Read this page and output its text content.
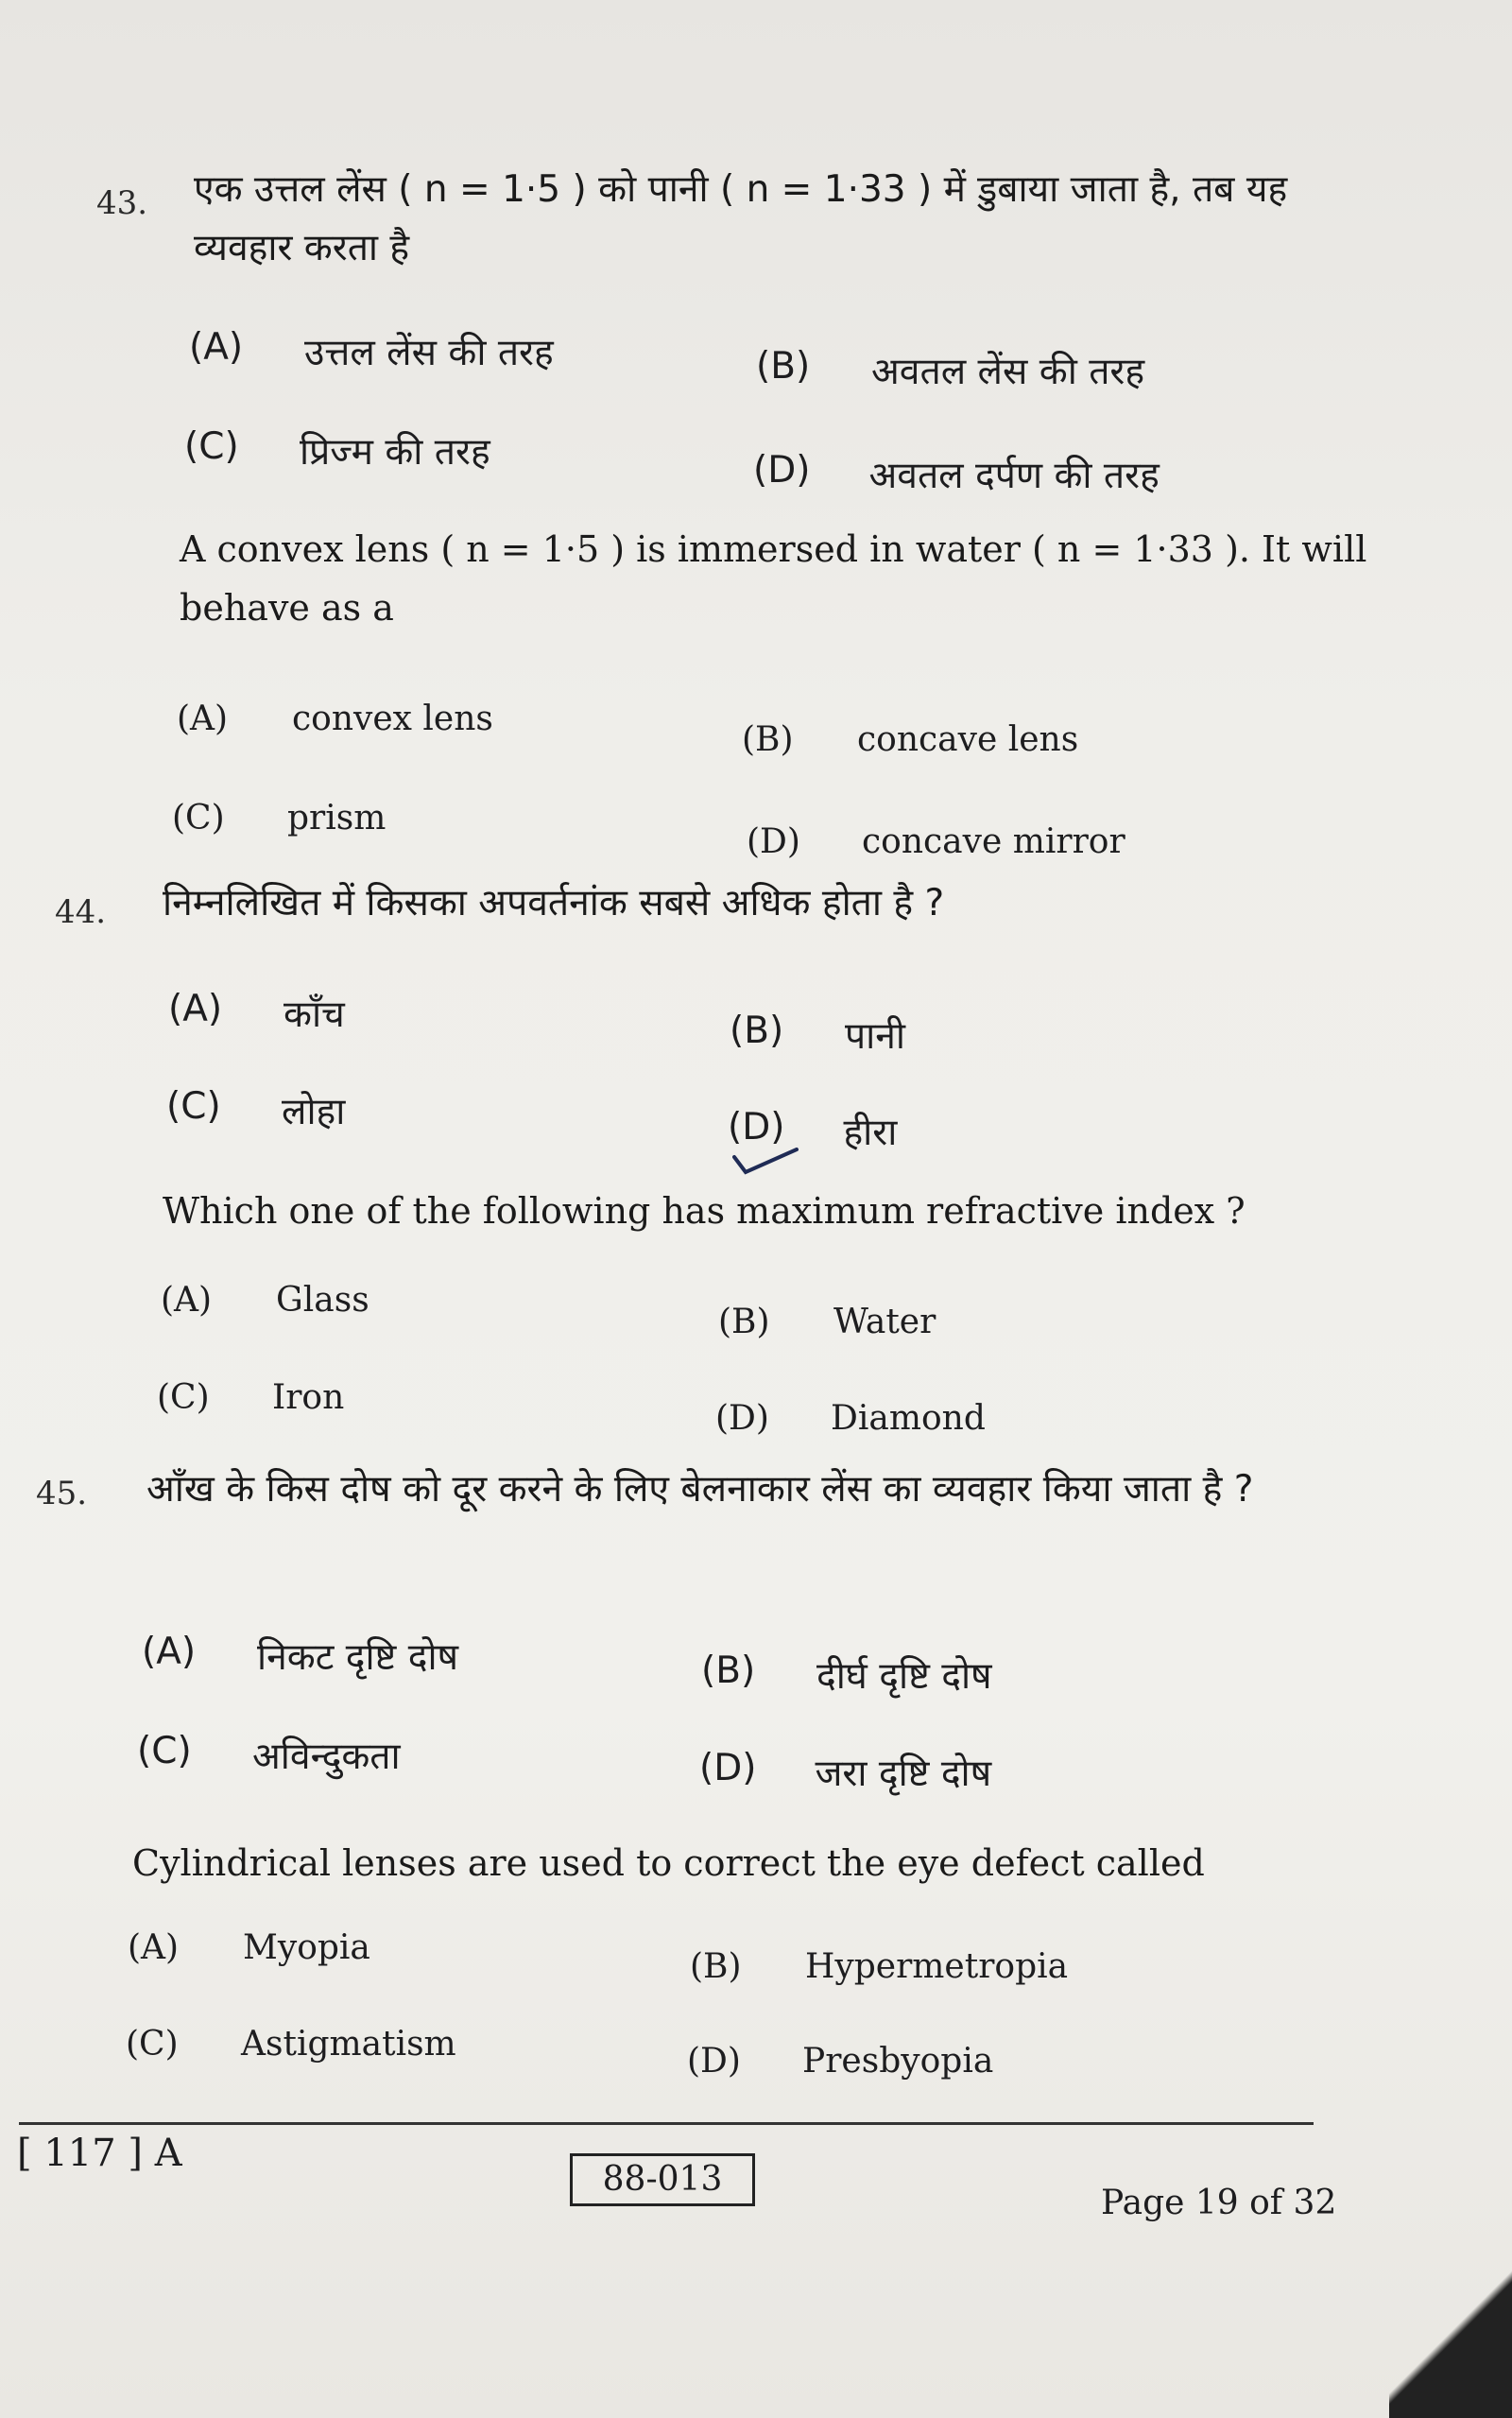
43. एक उत्तल लेंस ( n = 1·5 ) को पानी ( n = 1·33 ) में डुबाया जाता है, तब यह व्यवहार करता है
(A) उत्तल लेंस की तरह	(B) अवतल लेंस की तरह
(C) प्रिज्म की तरह	(D) अवतल दर्पण की तरह
A convex lens ( n = 1·5 ) is immersed in water ( n = 1·33 ). It will behave as a
(A) convex lens
(B) concave lens
(C) prism
(D) concave mirror
44. निम्नलिखित में किसका अपवर्तनांक सबसे अधिक होता है ?
(A) काँच	(B) पानी
(C) लोहा	(D) हीरा
Which one of the following has maximum refractive index ?
(A) Glass
(B) Water
(C) Iron
(D) Diamond
45. आँख के किस दोष को दूर करने के लिए बेलनाकार लेंस का व्यवहार किया जाता है ?
(A) निकट दृष्टि दोष	(B) दीर्घ दृष्टि दोष
(C) अविन्दुकता	(D) जरा दृष्टि दोष
Cylindrical lenses are used to correct the eye defect called
(A) Myopia	(B) Hypermetropia
(C) Astigmatism	(D) Presbyopia
[ 117 ] A
88-013
Page 19 of 32
